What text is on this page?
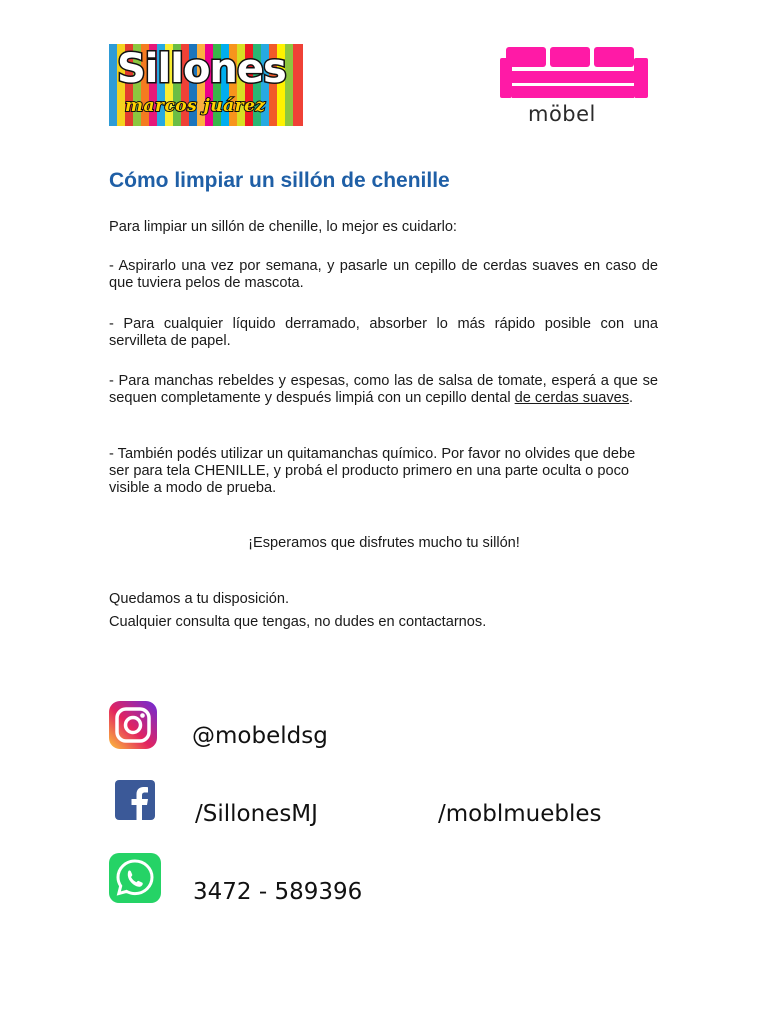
Sillones
marcos juárez	möbel
Cómo limpiar un sillón de chenille
Para limpiar un sillón de chenille, lo mejor es cuidarlo:
- Aspirarlo una vez por semana, y pasarle un cepillo de cerdas suaves en caso de que tuviera pelos de mascota.
- Para cualquier líquido derramado, absorber lo más rápido posible con una servilleta de papel.
- Para manchas rebeldes y espesas, como las de salsa de tomate, esperá a que se sequen completamente y después limpiá con un cepillo dental de cerdas suaves.
- También podés utilizar un quitamanchas químico. Por favor no olvides que debe ser para tela CHENILLE, y probá el producto primero en una parte oculta o poco visible a modo de prueba.
¡Esperamos que disfrutes mucho tu sillón!
Quedamos a tu disposición.
Cualquier consulta que tengas, no dudes en contactarnos.
@mobeldsg
/SillonesMJ	/moblmuebles
3472 - 589396
